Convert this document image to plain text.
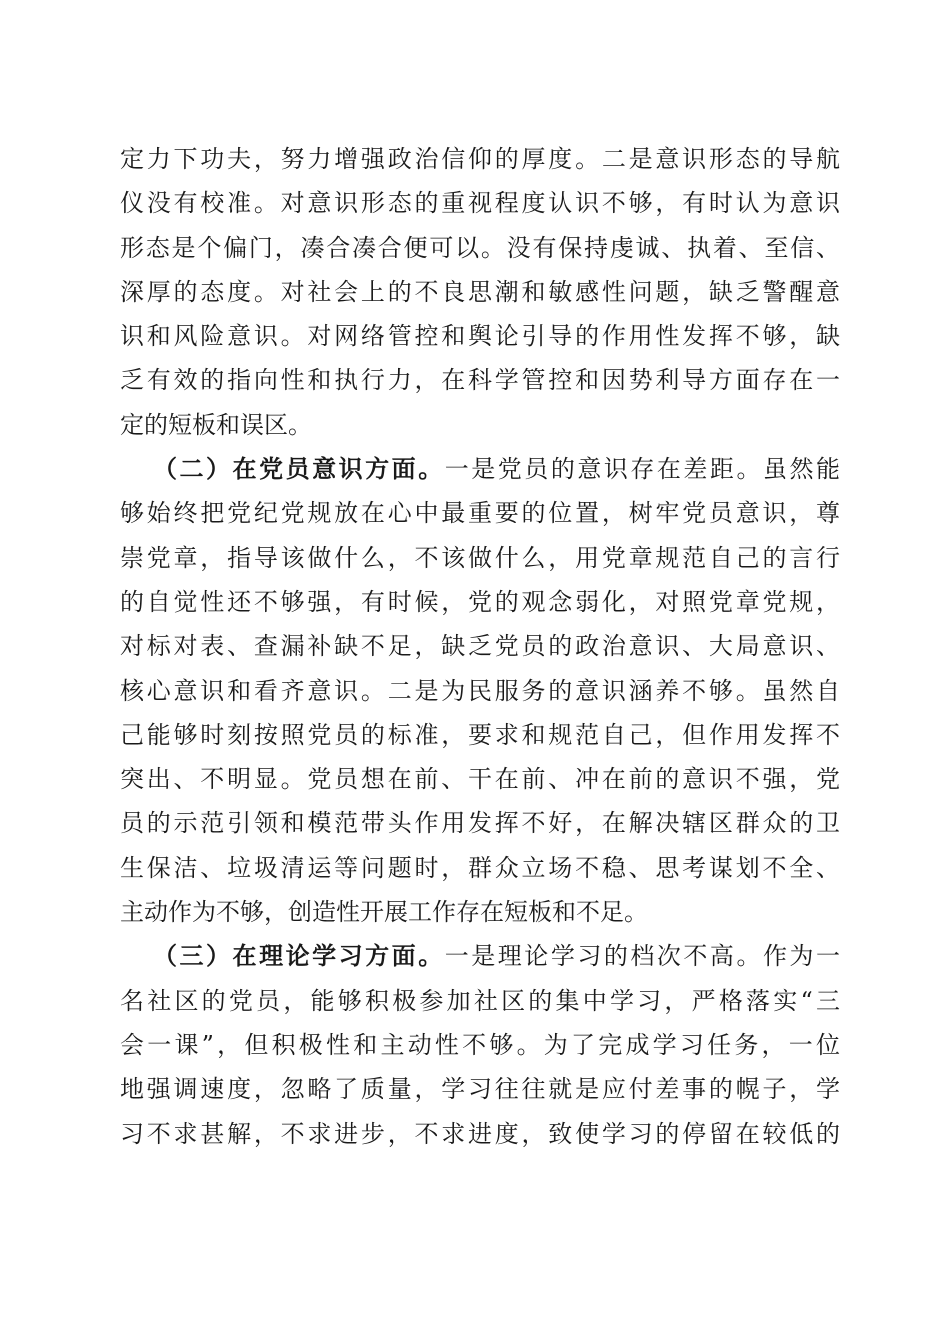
定力下功夫，努力增强政治信仰的厚度。二是意识形态的导航
仪没有校准。对意识形态的重视程度认识不够，有时认为意识
形态是个偏门，凑合凑合便可以。没有保持虔诚、执着、至信、
深厚的态度。对社会上的不良思潮和敏感性问题，缺乏警醒意
识和风险意识。对网络管控和舆论引导的作用性发挥不够，缺
乏有效的指向性和执行力，在科学管控和因势利导方面存在一
定的短板和误区。
（二）在党员意识方面。一是党员的意识存在差距。虽然能
够始终把党纪党规放在心中最重要的位置，树牢党员意识，尊
崇党章，指导该做什么，不该做什么，用党章规范自己的言行
的自觉性还不够强，有时候，党的观念弱化，对照党章党规，
对标对表、查漏补缺不足，缺乏党员的政治意识、大局意识、
核心意识和看齐意识。二是为民服务的意识涵养不够。虽然自
己能够时刻按照党员的标准，要求和规范自己，但作用发挥不
突出、不明显。党员想在前、干在前、冲在前的意识不强，党
员的示范引领和模范带头作用发挥不好，在解决辖区群众的卫
生保洁、垃圾清运等问题时，群众立场不稳、思考谋划不全、
主动作为不够，创造性开展工作存在短板和不足。
（三）在理论学习方面。一是理论学习的档次不高。作为一
名社区的党员，能够积极参加社区的集中学习，严格落实“三
会一课”，但积极性和主动性不够。为了完成学习任务，一位
地强调速度，忽略了质量，学习往往就是应付差事的幌子，学
习不求甚解，不求进步，不求进度，致使学习的停留在较低的
